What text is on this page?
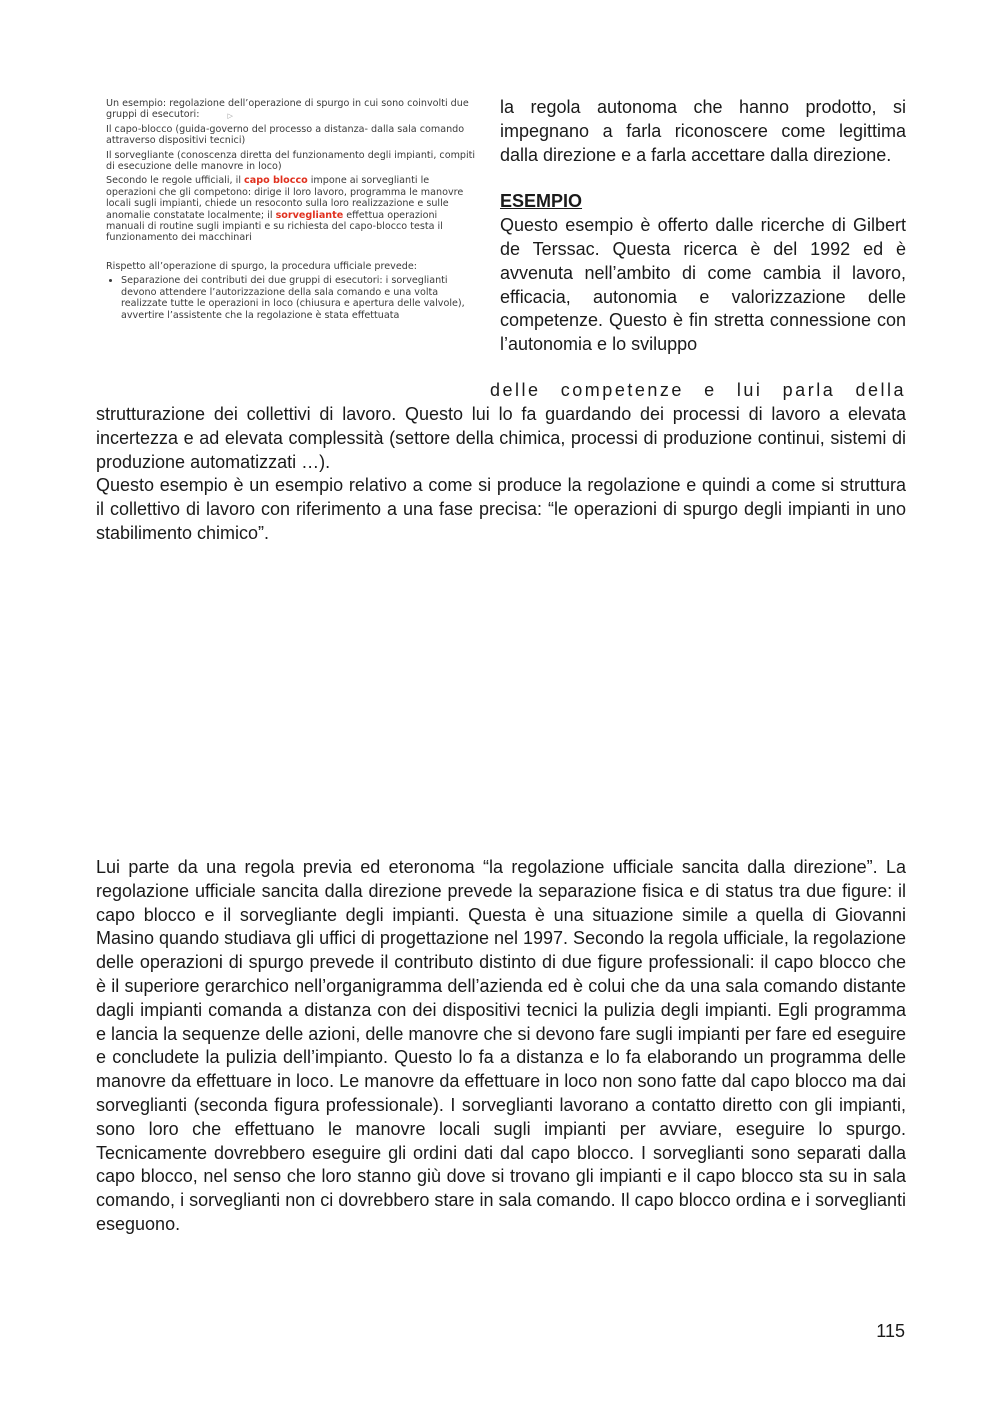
Un esempio: regolazione dell’operazione di spurgo in cui sono coinvolti due gruppi di esecutori:	▷

Il capo-blocco (guida-governo del processo a distanza- dalla sala comando attraverso dispositivi tecnici)

Il sorvegliante (conoscenza diretta del funzionamento degli impianti, compiti di esecuzione delle manovre in loco)

Secondo le regole ufficiali, il capo blocco impone ai sorveglianti le operazioni che gli competono: dirige il loro lavoro, programma le manovre locali sugli impianti, chiede un resoconto sulla loro realizzazione e sulle anomalie constatate localmente; il sorvegliante effettua operazioni manuali di routine sugli impianti e su richiesta del capo-blocco testa il funzionamento dei macchinari

Rispetto all’operazione di spurgo, la procedura ufficiale prevede:

• Separazione dei contributi dei due gruppi di esecutori: i sorveglianti devono attendere l’autorizzazione della sala comando e una volta realizzate tutte le operazioni in loco (chiusura e apertura delle valvole), avvertire l’assistente che la regolazione è stata effettuata

la regola autonoma che hanno prodotto, si impegnano a farla riconoscere come legittima dalla direzione e a farla accettare dalla direzione.

ESEMPIO

Questo esempio è offerto dalle ricerche di Gilbert de Terssac. Questa ricerca è del 1992 ed è avvenuta nell’ambito di come cambia il lavoro, efficacia, autonomia e valorizzazione delle competenze. Questo è fin stretta connessione con l’autonomia e lo sviluppo

delle competenze e lui parla della

strutturazione dei collettivi di lavoro. Questo lui lo fa guardando dei processi di lavoro a elevata incertezza e ad elevata complessità (settore della chimica, processi di produzione continui, sistemi di produzione automatizzati …).

Questo esempio è un esempio relativo a come si produce la regolazione e quindi a come si struttura il collettivo di lavoro con riferimento a una fase precisa: “le operazioni di spurgo degli impianti in uno stabilimento chimico”.

Lui parte da una regola previa ed eteronoma “la regolazione ufficiale sancita dalla direzione”. La regolazione ufficiale sancita dalla direzione prevede la separazione fisica e di status tra due figure: il capo blocco e il sorvegliante degli impianti. Questa è una situazione simile a quella di Giovanni Masino quando studiava gli uffici di progettazione nel 1997. Secondo la regola ufficiale, la regolazione delle operazioni di spurgo prevede il contributo distinto di due figure professionali: il capo blocco che è il superiore gerarchico nell’organigramma dell’azienda ed è colui che da una sala comando distante dagli impianti comanda a distanza con dei dispositivi tecnici la pulizia degli impianti. Egli programma e lancia la sequenze delle azioni, delle manovre che si devono fare sugli impianti per fare ed eseguire e concludete la pulizia dell’impianto. Questo lo fa a distanza e lo fa elaborando un programma delle manovre da effettuare in loco. Le manovre da effettuare in loco non sono fatte dal capo blocco ma dai sorveglianti (seconda figura professionale). I sorveglianti lavorano a contatto diretto con gli impianti, sono loro che effettuano le manovre locali sugli impianti per avviare, eseguire lo spurgo. Tecnicamente dovrebbero eseguire gli ordini dati dal capo blocco. I sorveglianti sono separati dalla capo blocco, nel senso che loro stanno giù dove si trovano gli impianti e il capo blocco sta su in sala comando, i sorveglianti non ci dovrebbero stare in sala comando. Il capo blocco ordina e i sorveglianti eseguono.

115
